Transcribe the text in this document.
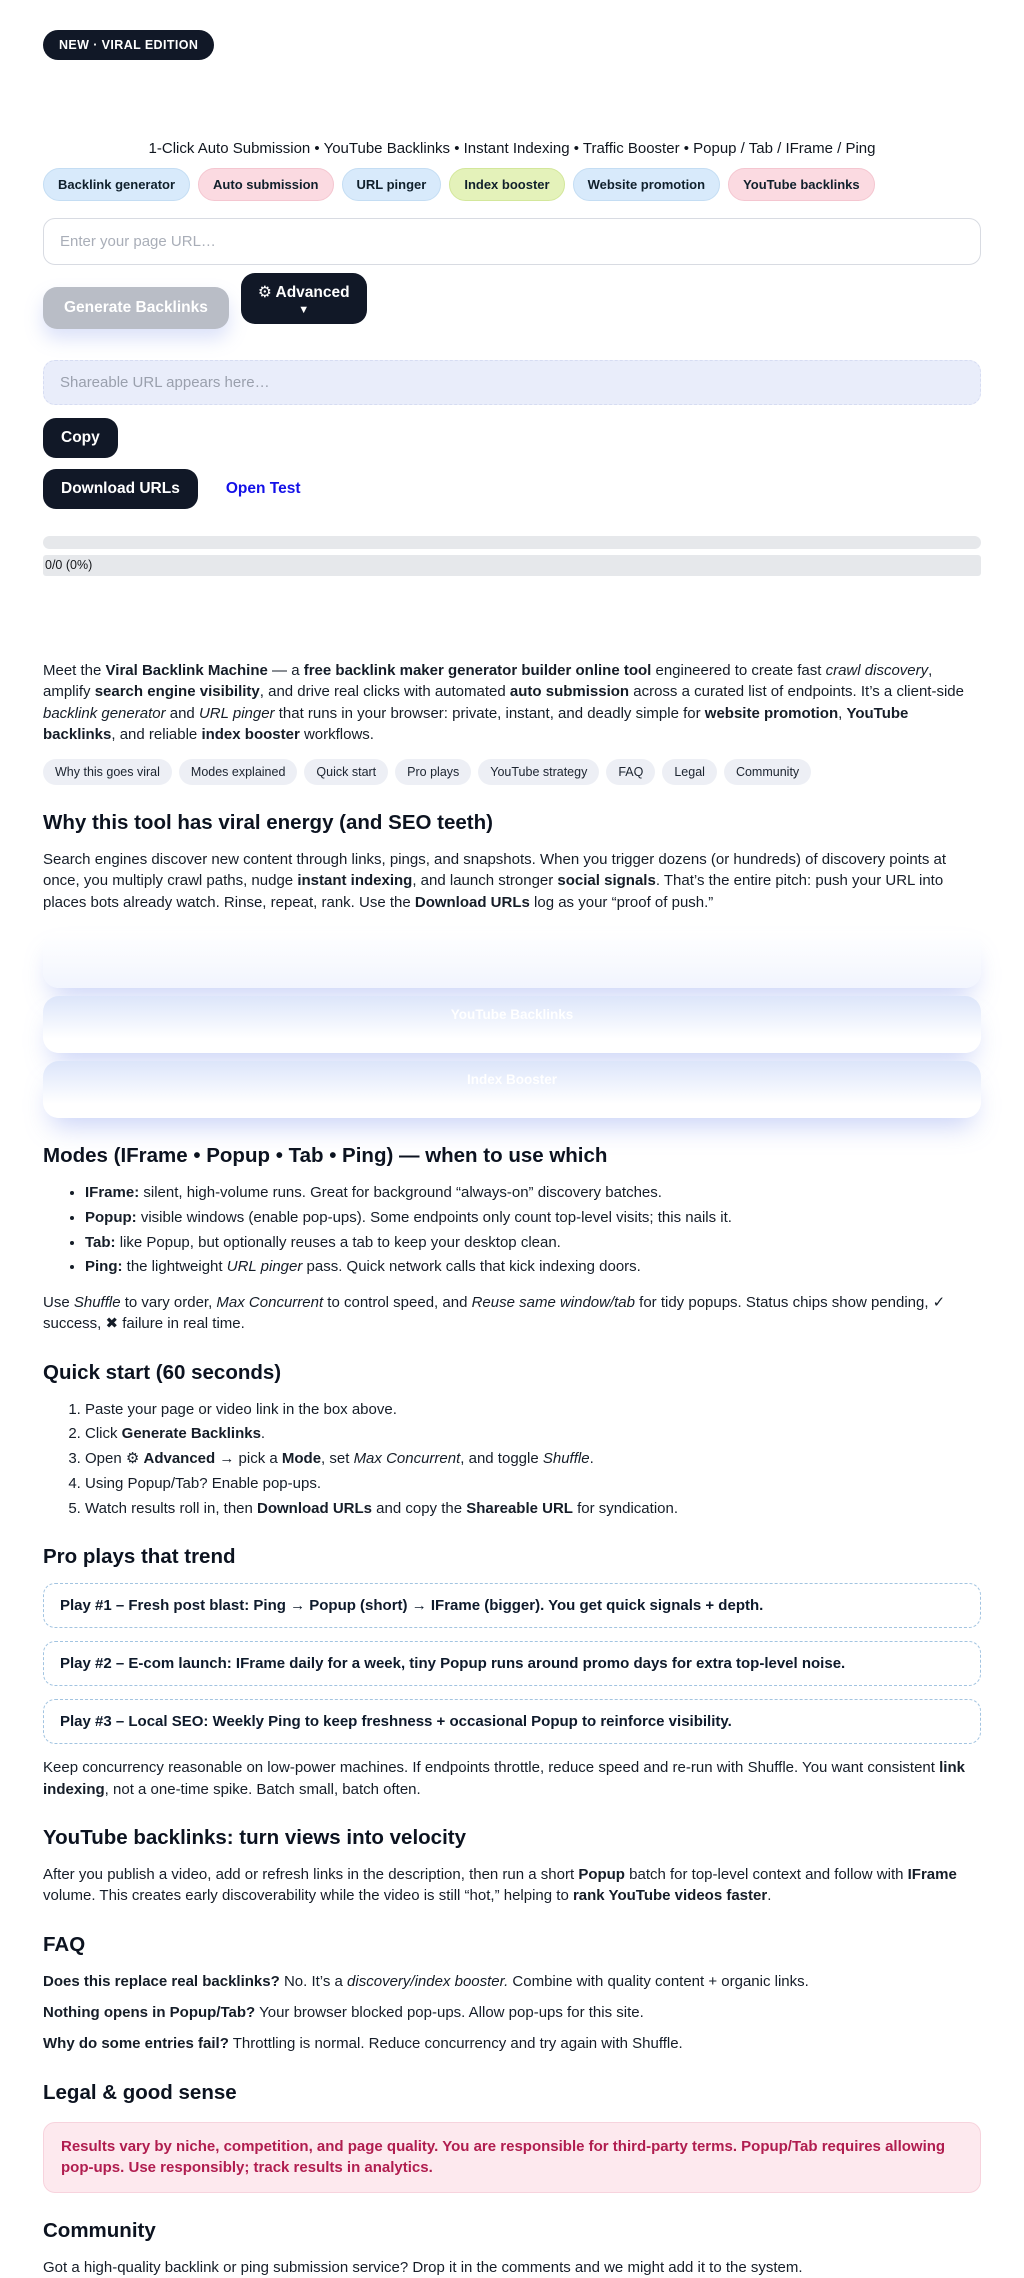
NEW · VIRAL EDITION

1-Click Auto Submission • YouTube Backlinks • Instant Indexing • Traffic Booster • Popup / Tab / IFrame / Ping

Backlink generator	Auto submission	URL pinger	Index booster	Website promotion	YouTube backlinks
Enter your page URL…
Generate Backlinks
⚙ Advanced
▼
Shareable URL appears here…
Copy
Download URLs	Open Test
0/0 (0%)

Meet the Viral Backlink Machine — a free backlink maker generator builder online tool engineered to create fast crawl discovery, amplify search engine visibility, and drive real clicks with automated auto submission across a curated list of endpoints. It’s a client-side backlink generator and URL pinger that runs in your browser: private, instant, and deadly simple for website promotion, YouTube backlinks, and reliable index booster workflows.

Why this goes viral	Modes explained	Quick start	Pro plays	YouTube strategy	FAQ	Legal	Community
Why this tool has viral energy (and SEO teeth)

Search engines discover new content through links, pings, and snapshots. When you trigger dozens (or hundreds) of discovery points at once, you multiply crawl paths, nudge instant indexing, and launch stronger social signals. That’s the entire pitch: push your URL into places bots already watch. Rinse, repeat, rank. Use the Download URLs log as your “proof of push.”

YouTube Backlinks
Index Booster
Modes (IFrame • Popup • Tab • Ping) — when to use which
• IFrame: silent, high-volume runs. Great for background “always-on” discovery batches.
• Popup: visible windows (enable pop-ups). Some endpoints only count top-level visits; this nails it.
• Tab: like Popup, but optionally reuses a tab to keep your desktop clean.
• Ping: the lightweight URL pinger pass. Quick network calls that kick indexing doors.

Use Shuffle to vary order, Max Concurrent to control speed, and Reuse same window/tab for tidy popups. Status chips show pending, ✓ success, ✖ failure in real time.

Quick start (60 seconds)
1. Paste your page or video link in the box above.
2. Click Generate Backlinks.
3. Open ⚙ Advanced → pick a Mode, set Max Concurrent, and toggle Shuffle.
4. Using Popup/Tab? Enable pop-ups.
5. Watch results roll in, then Download URLs and copy the Shareable URL for syndication.
Pro plays that trend
Play #1 – Fresh post blast: Ping → Popup (short) → IFrame (bigger). You get quick signals + depth.
Play #2 – E-com launch: IFrame daily for a week, tiny Popup runs around promo days for extra top-level noise.
Play #3 – Local SEO: Weekly Ping to keep freshness + occasional Popup to reinforce visibility.

Keep concurrency reasonable on low-power machines. If endpoints throttle, reduce speed and re-run with Shuffle. You want consistent link indexing, not a one-time spike. Batch small, batch often.

YouTube backlinks: turn views into velocity

After you publish a video, add or refresh links in the description, then run a short Popup batch for top-level context and follow with IFrame volume. This creates early discoverability while the video is still “hot,” helping to rank YouTube videos faster.

FAQ

Does this replace real backlinks? No. It’s a discovery/index booster. Combine with quality content + organic links.

Nothing opens in Popup/Tab? Your browser blocked pop-ups. Allow pop-ups for this site.

Why do some entries fail? Throttling is normal. Reduce concurrency and try again with Shuffle.

Legal & good sense
Results vary by niche, competition, and page quality. You are responsible for third-party terms. Popup/Tab requires allowing pop-ups. Use responsibly; track results in analytics.
Community

Got a high-quality backlink or ping submission service? Drop it in the comments and we might add it to the system.
